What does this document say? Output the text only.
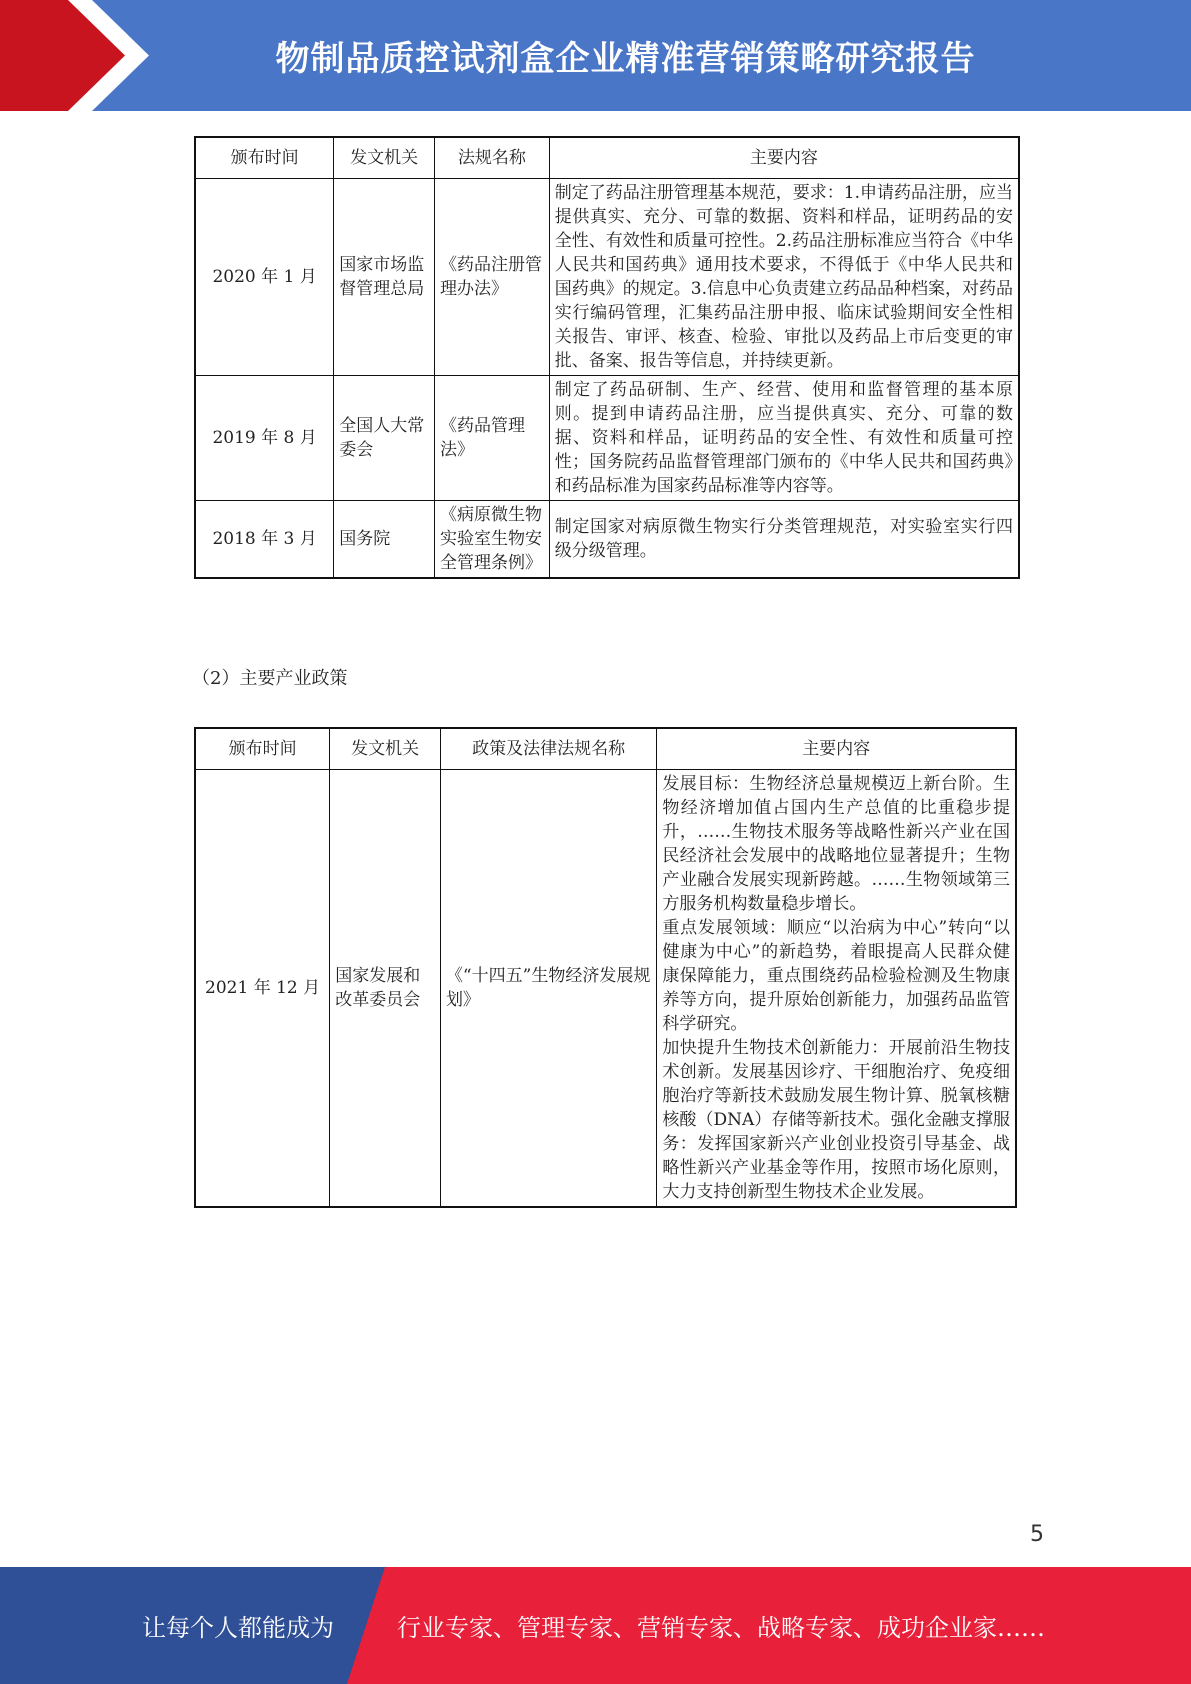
物制品质控试剂盒企业精准营销策略研究报告
颁布时间	发文机关	法规名称	主要内容
2020 年 1 月	国家市场监督管理总局	《药品注册管理办法》	制定了药品注册管理基本规范，要求：1.申请药品注册，应当提供真实、充分、可靠的数据、资料和样品，证明药品的安全性、有效性和质量可控性。2.药品注册标准应当符合《中华人民共和国药典》通用技术要求，不得低于《中华人民共和国药典》的规定。3.信息中心负责建立药品品种档案，对药品实行编码管理，汇集药品注册申报、临床试验期间安全性相关报告、审评、核查、检验、审批以及药品上市后变更的审批、备案、报告等信息，并持续更新。
2019 年 8 月	全国人大常委会	《药品管理法》	制定了药品研制、生产、经营、使用和监督管理的基本原则。提到申请药品注册，应当提供真实、充分、可靠的数据、资料和样品，证明药品的安全性、有效性和质量可控性；国务院药品监督管理部门颁布的《中华人民共和国药典》和药品标准为国家药品标准等内容等。
2018 年 3 月	国务院	《病原微生物实验室生物安全管理条例》	制定国家对病原微生物实行分类管理规范，对实验室实行四级分级管理。
（2）主要产业政策
颁布时间	发文机关	政策及法律法规名称	主要内容
2021 年 12 月	国家发展和改革委员会	《“十四五”生物经济发展规划》	发展目标：生物经济总量规模迈上新台阶。生物经济增加值占国内生产总值的比重稳步提升，……生物技术服务等战略性新兴产业在国民经济社会发展中的战略地位显著提升；生物产业融合发展实现新跨越。……生物领域第三方服务机构数量稳步增长。
重点发展领域：顺应“以治病为中心”转向“以健康为中心”的新趋势，着眼提高人民群众健康保障能力，重点围绕药品检验检测及生物康养等方向，提升原始创新能力，加强药品监管科学研究。
加快提升生物技术创新能力：开展前沿生物技术创新。发展基因诊疗、干细胞治疗、免疫细胞治疗等新技术鼓励发展生物计算、脱氧核糖核酸（DNA）存储等新技术。强化金融支撑服务：发挥国家新兴产业创业投资引导基金、战略性新兴产业基金等作用，按照市场化原则，大力支持创新型生物技术企业发展。
5
让每个人都能成为	行业专家、管理专家、营销专家、战略专家、成功企业家……
